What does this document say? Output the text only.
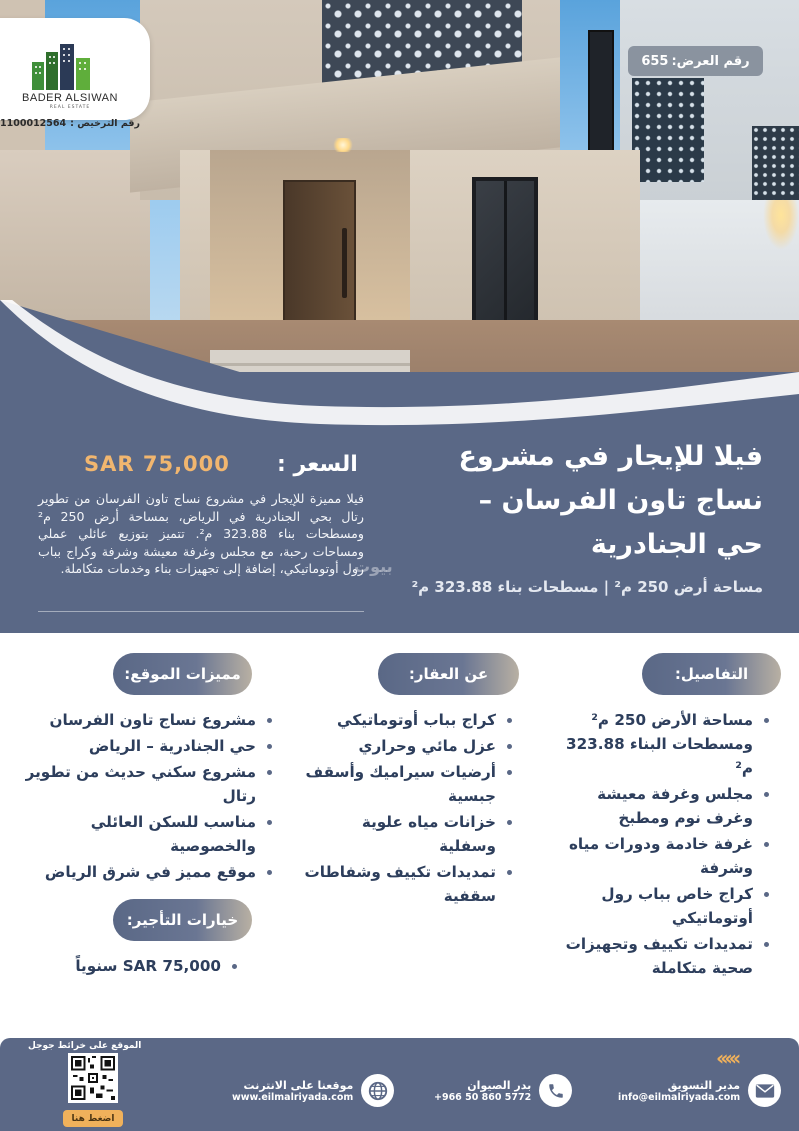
BADER ALSIWAN
REAL ESTATE
رقم الترخيص :
1100012564
رقم العرض:
655
فيلا للإيجار في مشروع
نساج تاون الفرسان –
حي الجنادرية
مساحة أرض 250 م² | مسطحات بناء 323.88 م²
السعر :
SAR 75,000
فيلا مميزة للإيجار في مشروع نساج تاون الفرسان من تطوير رتال بحي الجنادرية في الرياض، بمساحة أرض 250 م² ومسطحات بناء 323.88 م². تتميز بتوزيع عائلي عملي ومساحات رحبة، مع مجلس وغرفة معيشة وشرفة وكراج بباب رول أوتوماتيكي، إضافة إلى تجهيزات بناء وخدمات متكاملة.
بيوت
التفاصيل:
عن العقار:
مميزات الموقع:
مساحة الأرض 250 م² ومسطحات البناء 323.88 م²
مجلس وغرفة معيشة وغرف نوم ومطبخ
غرفة خادمة ودورات مياه وشرفة
كراج خاص بباب رول أوتوماتيكي
تمديدات تكييف وتجهيزات صحية متكاملة
كراج بباب أوتوماتيكي
عزل مائي وحراري
أرضيات سيراميك وأسقف جبسية
خزانات مياه علوية وسفلية
تمديدات تكييف وشفاطات سقفية
مشروع نساج تاون الفرسان
حي الجنادرية – الرياض
مشروع سكني حديث من تطوير رتال
مناسب للسكن العائلي والخصوصية
موقع مميز في شرق الرياض
خيارات التأجير:
SAR 75,000 سنوياً
الموقع على خرائط جوجل
اضغط هنا
موقعنا على الانترنت
www.eilmalriyada.com
بدر الصيوان
+966 50 860 5772
مدير التسويق
info@eilmalriyada.com
‹‹‹‹‹
